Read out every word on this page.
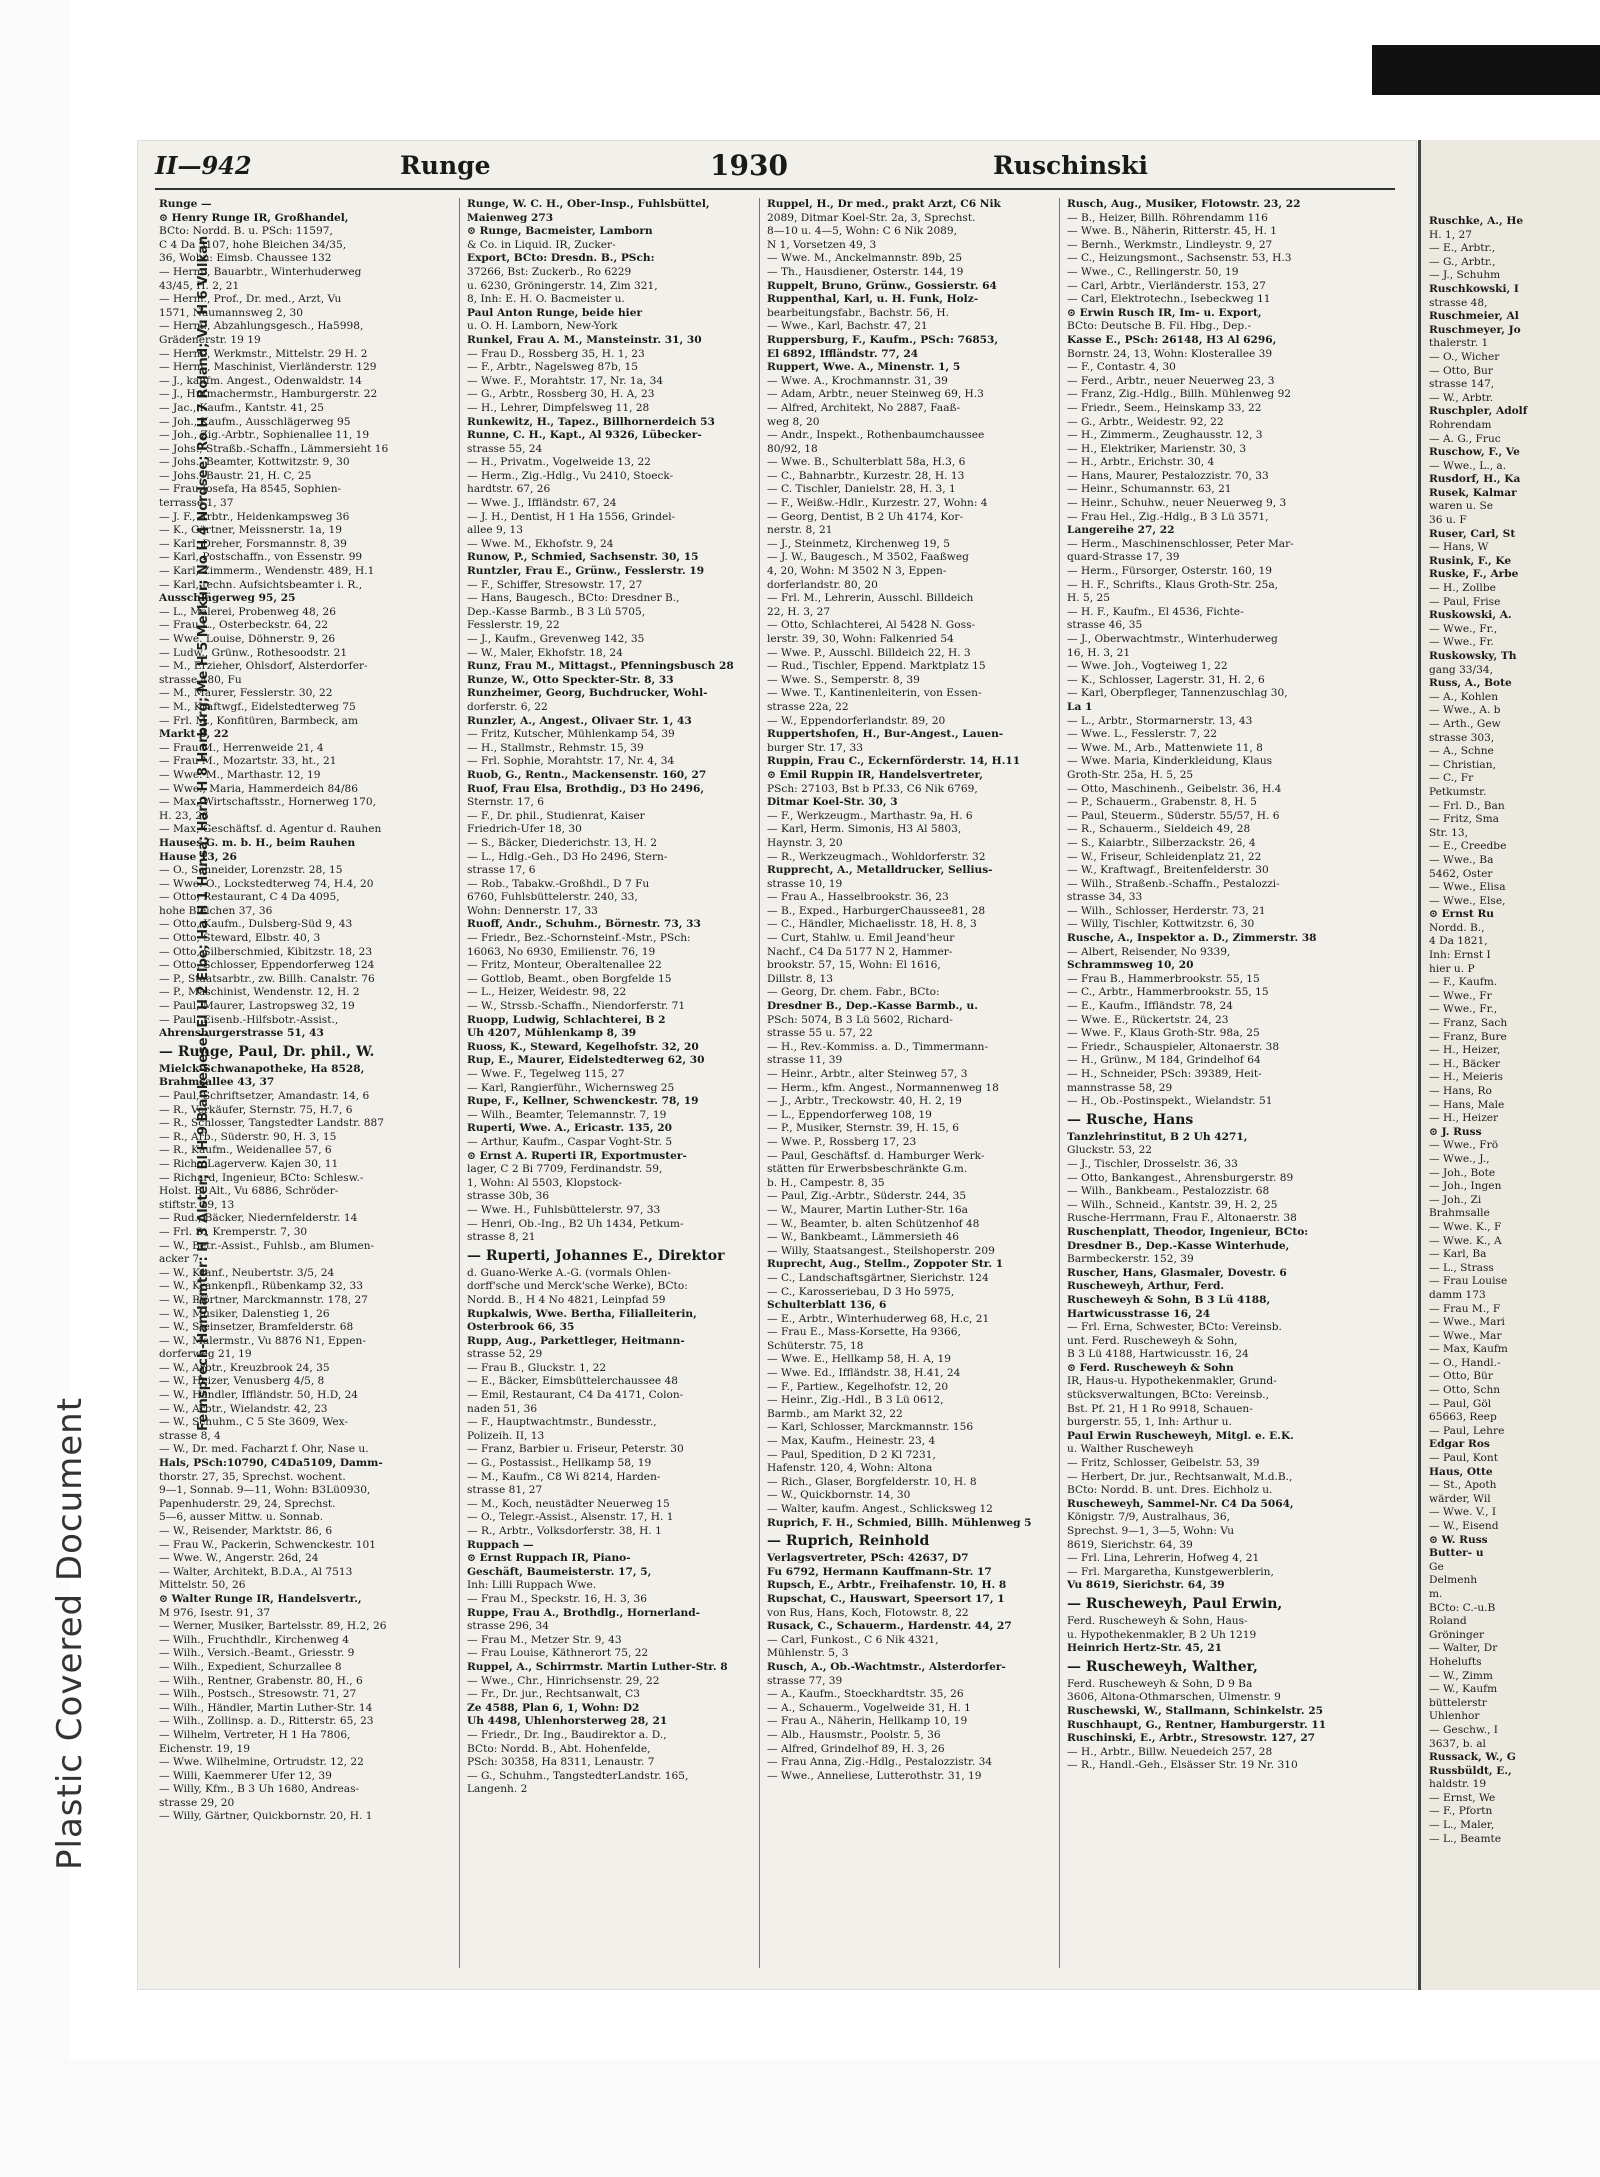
Plastic Covered Document
II—942	Runge	1930	Ruschinski
Fernsprech-Handämter: H 3 Alster; Bl H 9 Blankenese; El H 2 Elbe; Ha H 1 Hansa; Harb H 8 Harburg; Me H 5 Merkur; No H 4 Nordsee; Ro H 7 Roland; Vu H 6 Vulkan
Runge —
⊙ Henry Runge IR, Großhandel,
BCto: Nordd. B. u. PSch: 11597,
C 4 Da 3107, hohe Bleichen 34/35,
36, Wohn: Eimsb. Chaussee 132
— Herm., Bauarbtr., Winterhuderweg
43/45, H. 2, 21
— Herm., Prof., Dr. med., Arzt, Vu
1571, Naumannsweg 2, 30
— Herm., Abzahlungsgesch., Ha5998,
Grädenerstr. 19 19
— Herm., Werkmstr., Mittelstr. 29 H. 2
— Herm., Maschinist, Vierländerstr. 129
— J., kaufm. Angest., Odenwaldstr. 14
— J., Hutmachermstr., Hamburgerstr. 22
— Jac., Kaufm., Kantstr. 41, 25
— Joh., Kaufm., Ausschlägerweg 95
— Joh., Zig.-Arbtr., Sophienallee 11, 19
— Johs., Straßb.-Schaffn., Lämmersieht 16
— Johs., Beamter, Kottwitzstr. 9, 30
— Johs., Baustr. 21, H. C, 25
— Frau Josefa, Ha 8545, Sophien-
terrasse 1, 37
— J. F., Arbtr., Heidenkampsweg 36
— K., Gärtner, Meissnerstr. 1a, 19
— Karl, Dreher, Forsmannstr. 8, 39
— Karl, Postschaffn., von Essenstr. 99
— Karl, Zimmerm., Wendenstr. 489, H.1
— Karl, techn. Aufsichtsbeamter i. R.,
Ausschlägerweg 95, 25
— L., Malerei, Probenweg 48, 26
— Frau L., Osterbeckstr. 64, 22
— Wwe. Louise, Döhnerstr. 9, 26
— Ludw., Grünw., Rothesoodstr. 21
— M., Erzieher, Ohlsdorf, Alsterdorfer-
strasse 480, Fu
— M., Maurer, Fesslerstr. 30, 22
— M., Kraftwgf., Eidelstedterweg 75
— Frl. M., Konfitüren, Barmbeck, am
Markt 8, 22
— Frau M., Herrenweide 21, 4
— Frau M., Mozartstr. 33, ht., 21
— Wwe. M., Marthastr. 12, 19
— Wwe., Maria, Hammerdeich 84/86
— Max, Wirtschaftsstr., Hornerweg 170,
H. 23, 26
— Max, Geschäftsf. d. Agentur d. Rauhen
Hauses G. m. b. H., beim Rauhen
Hause 13, 26
— O., Schneider, Lorenzstr. 28, 15
— Wwe. O., Lockstedterweg 74, H.4, 20
— Otto, Restaurant, C 4 Da 4095,
hohe Bleichen 37, 36
— Otto, Kaufm., Dulsberg-Süd 9, 43
— Otto, Steward, Elbstr. 40, 3
— Otto, Silberschmied, Kibitzstr. 18, 23
— Otto, Schlosser, Eppendorferweg 124
— P., Staatsarbtr., zw. Billh. Canalstr. 76
— P., Maschinist, Wendenstr. 12, H. 2
— Paul, Maurer, Lastropsweg 32, 19
— Paul, Eisenb.-Hilfsbotr.-Assist.,
Ahrensburgerstrasse 51, 43
— Runge, Paul, Dr. phil., W.
Mielck Schwanapotheke, Ha 8528,
Brahmsallee 43, 37
— Paul, Schriftsetzer, Amandastr. 14, 6
— R., Verkäufer, Sternstr. 75, H.7, 6
— R., Schlosser, Tangstedter Landstr. 887
— R., Arb., Süderstr. 90, H. 3, 15
— R., Kaufm., Weidenallee 57, 6
— Rich., Lagerverw. Kajen 30, 11
— Richard, Ingenieur, BCto: Schlesw.-
Holst. B. Alt., Vu 6886, Schröder-
stiftstr. 19, 13
— Rud., Bäcker, Niedernfelderstr. 14
— Frl. S., Kremperstr. 7, 30
— W., Betr.-Assist., Fuhlsb., am Blumen-
acker 7
— W., Kranf., Neubertstr. 3/5, 24
— W., Krankenpfl., Rübenkamp 32, 33
— W., Pförtner, Marckmannstr. 178, 27
— W., Musiker, Dalenstieg 1, 26
— W., Steinsetzer, Bramfelderstr. 68
— W., Malermstr., Vu 8876 N1, Eppen-
dorferweg 21, 19
— W., Arbtr., Kreuzbrook 24, 35
— W., Heizer, Venusberg 4/5, 8
— W., Händler, Iffländstr. 50, H.D, 24
— W., Arbtr., Wielandstr. 42, 23
— W., Schuhm., C 5 Ste 3609, Wex-
strasse 8, 4
— W., Dr. med. Facharzt f. Ohr, Nase u.
Hals, PSch:10790, C4Da5109, Damm-
thorstr. 27, 35, Sprechst. wochent.
9—1, Sonnab. 9—11, Wohn: B3Lü0930,
Papenhuderstr. 29, 24, Sprechst.
5—6, ausser Mittw. u. Sonnab.
— W., Reisender, Marktstr. 86, 6
— Frau W., Packerin, Schwenckestr. 101
— Wwe. W., Angerstr. 26d, 24
— Walter, Architekt, B.D.A., Al 7513
Mittelstr. 50, 26
⊙ Walter Runge IR, Handelsvertr.,
M 976, Isestr. 91, 37
— Werner, Musiker, Bartelsstr. 89, H.2, 26
— Wilh., Fruchthdlr., Kirchenweg 4
— Wilh., Versich.-Beamt., Griesstr. 9
— Wilh., Expedient, Schurzallee 8
— Wilh., Rentner, Grabenstr. 80, H., 6
— Wilh., Postsch., Stresowstr. 71, 27
— Wilh., Händler, Martin Luther-Str. 14
— Wilh., Zollinsp. a. D., Ritterstr. 65, 23
— Wilhelm, Vertreter, H 1 Ha 7806,
Eichenstr. 19, 19
— Wwe. Wilhelmine, Ortrudstr. 12, 22
— Willi, Kaemmerer Ufer 12, 39
— Willy, Kfm., B 3 Uh 1680, Andreas-
strasse 29, 20
— Willy, Gärtner, Quickbornstr. 20, H. 1
Runge, W. C. H., Ober-Insp., Fuhlsbüttel,
Maienweg 273
⊙ Runge, Bacmeister, Lamborn
& Co. in Liquid. IR, Zucker-
Export, BCto: Dresdn. B., PSch:
37266, Bst: Zuckerb., Ro 6229
u. 6230, Gröningerstr. 14, Zim 321,
8, Inh: E. H. O. Bacmeister u.
Paul Anton Runge, beide hier
u. O. H. Lamborn, New-York
Runkel, Frau A. M., Mansteinstr. 31, 30
— Frau D., Rossberg 35, H. 1, 23
— F., Arbtr., Nagelsweg 87b, 15
— Wwe. F., Morahtstr. 17, Nr. 1a, 34
— G., Arbtr., Rossberg 30, H. A, 23
— H., Lehrer, Dimpfelsweg 11, 28
Runkewitz, H., Tapez., Billhornerdeich 53
Runne, C. H., Kapt., Al 9326, Lübecker-
strasse 55, 24
— H., Privatm., Vogelweide 13, 22
— Herm., Zig.-Hdlg., Vu 2410, Stoeck-
hardtstr. 67, 26
— Wwe. J., Iffländstr. 67, 24
— J. H., Dentist, H 1 Ha 1556, Grindel-
allee 9, 13
— Wwe. M., Ekhofstr. 9, 24
Runow, P., Schmied, Sachsenstr. 30, 15
Runtzler, Frau E., Grünw., Fesslerstr. 19
— F., Schiffer, Stresowstr. 17, 27
— Hans, Baugesch., BCto: Dresdner B.,
Dep.-Kasse Barmb., B 3 Lü 5705,
Fesslerstr. 19, 22
— J., Kaufm., Grevenweg 142, 35
— W., Maler, Ekhofstr. 18, 24
Runz, Frau M., Mittagst., Pfenningsbusch 28
Runze, W., Otto Speckter-Str. 8, 33
Runzheimer, Georg, Buchdrucker, Wohl-
dorferstr. 6, 22
Runzler, A., Angest., Olivaer Str. 1, 43
— Fritz, Kutscher, Mühlenkamp 54, 39
— H., Stallmstr., Rehmstr. 15, 39
— Frl. Sophie, Morahtstr. 17, Nr. 4, 34
Ruob, G., Rentn., Mackensenstr. 160, 27
Ruof, Frau Elsa, Brothdig., D3 Ho 2496,
Sternstr. 17, 6
— F., Dr. phil., Studienrat, Kaiser
Friedrich-Ufer 18, 30
— S., Bäcker, Diederichstr. 13, H. 2
— L., Hdlg.-Geh., D3 Ho 2496, Stern-
strasse 17, 6
— Rob., Tabakw.-Großhdl., D 7 Fu
6760, Fuhlsbüttelerstr. 240, 33,
Wohn: Dennerstr. 17, 33
Ruoff, Andr., Schuhm., Börnestr. 73, 33
— Friedr., Bez.-Schornsteinf.-Mstr., PSch:
16063, No 6930, Emilienstr. 76, 19
— Fritz, Monteur, Oberaltenallee 22
— Gottlob, Beamt., oben Borgfelde 15
— L., Heizer, Weidestr. 98, 22
— W., Strssb.-Schaffn., Niendorferstr. 71
Ruopp, Ludwig, Schlachterei, B 2
Uh 4207, Mühlenkamp 8, 39
Ruoss, K., Steward, Kegelhofstr. 32, 20
Rup, E., Maurer, Eidelstedterweg 62, 30
— Wwe. F., Tegelweg 115, 27
— Karl, Rangierführ., Wichernsweg 25
Rupe, F., Kellner, Schwenckestr. 78, 19
— Wilh., Beamter, Telemannstr. 7, 19
Ruperti, Wwe. A., Ericastr. 135, 20
— Arthur, Kaufm., Caspar Voght-Str. 5
⊙ Ernst A. Ruperti IR, Exportmuster-
lager, C 2 Bi 7709, Ferdinandstr. 59,
1, Wohn: Al 5503, Klopstock-
strasse 30b, 36
— Wwe. H., Fuhlsbüttelerstr. 97, 33
— Henri, Ob.-Ing., B2 Uh 1434, Petkum-
strasse 8, 21
— Ruperti, Johannes E., Direktor
d. Guano-Werke A.-G. (vormals Ohlen-
dorff'sche und Merck'sche Werke), BCto:
Nordd. B., H 4 No 4821, Leinpfad 59
Rupkalwis, Wwe. Bertha, Filialleiterin,
Osterbrook 66, 35
Rupp, Aug., Parkettleger, Heitmann-
strasse 52, 29
— Frau B., Gluckstr. 1, 22
— E., Bäcker, Eimsbüttelerchaussee 48
— Emil, Restaurant, C4 Da 4171, Colon-
naden 51, 36
— F., Hauptwachtmstr., Bundesstr.,
Polizeih. II, 13
— Franz, Barbier u. Friseur, Peterstr. 30
— G., Postassist., Hellkamp 58, 19
— M., Kaufm., C8 Wi 8214, Harden-
strasse 81, 27
— M., Koch, neustädter Neuerweg 15
— O., Telegr.-Assist., Alsenstr. 17, H. 1
— R., Arbtr., Volksdorferstr. 38, H. 1
Ruppach —
⊙ Ernst Ruppach IR, Piano-
Geschäft, Baumeisterstr. 17, 5,
Inh: Lilli Ruppach Wwe.
— Frau M., Speckstr. 16, H. 3, 36
Ruppe, Frau A., Brothdlg., Hornerland-
strasse 296, 34
— Frau M., Metzer Str. 9, 43
— Frau Louise, Käthnerort 75, 22
Ruppel, A., Schirrmstr. Martin Luther-Str. 8
— Wwe., Chr., Hinrichsenstr. 29, 22
— Fr., Dr. jur., Rechtsanwalt, C3
Ze 4588, Plan 6, 1, Wohn: D2
Uh 4498, Uhlenhorsterweg 28, 21
— Friedr., Dr. Ing., Baudirektor a. D.,
BCto: Nordd. B., Abt. Hohenfelde,
PSch: 30358, Ha 8311, Lenaustr. 7
— G., Schuhm., TangstedterLandstr. 165,
Langenh. 2
Ruppel, H., Dr med., prakt Arzt, C6 Nik
2089, Ditmar Koel-Str. 2a, 3, Sprechst.
8—10 u. 4—5, Wohn: C 6 Nik 2089,
N 1, Vorsetzen 49, 3
— Wwe. M., Anckelmannstr. 89b, 25
— Th., Hausdiener, Osterstr. 144, 19
Ruppelt, Bruno, Grünw., Gossierstr. 64
Ruppenthal, Karl, u. H. Funk, Holz-
bearbeitungsfabr., Bachstr. 56, H.
— Wwe., Karl, Bachstr. 47, 21
Ruppersburg, F., Kaufm., PSch: 76853,
El 6892, Iffländstr. 77, 24
Ruppert, Wwe. A., Minenstr. 1, 5
— Wwe. A., Krochmannstr. 31, 39
— Adam, Arbtr., neuer Steinweg 69, H.3
— Alfred, Architekt, No 2887, Faaß-
weg 8, 20
— Andr., Inspekt., Rothenbaumchaussee
80/92, 18
— Wwe. B., Schulterblatt 58a, H.3, 6
— C., Bahnarbtr., Kurzestr. 28, H. 13
— C. Tischler, Danielstr. 28, H. 3, 1
— F., Weißw.-Hdlr., Kurzestr. 27, Wohn: 4
— Georg, Dentist, B 2 Uh 4174, Kor-
nerstr. 8, 21
— J., Steinmetz, Kirchenweg 19, 5
— J. W., Baugesch., M 3502, Faaßweg
4, 20, Wohn: M 3502 N 3, Eppen-
dorferlandstr. 80, 20
— Frl. M., Lehrerin, Ausschl. Billdeich
22, H. 3, 27
— Otto, Schlachterei, Al 5428 N. Goss-
lerstr. 39, 30, Wohn: Falkenried 54
— Wwe. P., Ausschl. Billdeich 22, H. 3
— Rud., Tischler, Eppend. Marktplatz 15
— Wwe. S., Semperstr. 8, 39
— Wwe. T., Kantinenleiterin, von Essen-
strasse 22a, 22
— W., Eppendorferlandstr. 89, 20
Ruppertshofen, H., Bur-Angest., Lauen-
burger Str. 17, 33
Ruppin, Frau C., Eckernförderstr. 14, H.11
⊙ Emil Ruppin IR, Handelsvertreter,
PSch: 27103, Bst b Pf.33, C6 Nik 6769,
Ditmar Koel-Str. 30, 3
— F., Werkzeugm., Marthastr. 9a, H. 6
— Karl, Herm. Simonis, H3 Al 5803,
Haynstr. 3, 20
— R., Werkzeugmach., Wohldorferstr. 32
Rupprecht, A., Metalldrucker, Sellius-
strasse 10, 19
— Frau A., Hasselbrookstr. 36, 23
— B., Exped., HarburgerChaussee81, 28
— C., Händler, Michaelisstr. 18, H. 8, 3
— Curt, Stahlw. u. Emil Jeand'heur
Nachf., C4 Da 5177 N 2, Hammer-
brookstr. 57, 15, Wohn: El 1616,
Dillstr. 8, 13
— Georg, Dr. chem. Fabr., BCto:
Dresdner B., Dep.-Kasse Barmb., u.
PSch: 5074, B 3 Lü 5602, Richard-
strasse 55 u. 57, 22
— H., Rev.-Kommiss. a. D., Timmermann-
strasse 11, 39
— Heinr., Arbtr., alter Steinweg 57, 3
— Herm., kfm. Angest., Normannenweg 18
— J., Arbtr., Treckowstr. 40, H. 2, 19
— L., Eppendorferweg 108, 19
— P., Musiker, Sternstr. 39, H. 15, 6
— Wwe. P., Rossberg 17, 23
— Paul, Geschäftsf. d. Hamburger Werk-
stätten für Erwerbsbeschränkte G.m.
b. H., Campestr. 8, 35
— Paul, Zig.-Arbtr., Süderstr. 244, 35
— W., Maurer, Martin Luther-Str. 16a
— W., Beamter, b. alten Schützenhof 48
— W., Bankbeamt., Lämmersieth 46
— Willy, Staatsangest., Steilshoperstr. 209
Ruprecht, Aug., Stellm., Zoppoter Str. 1
— C., Landschaftsgärtner, Sierichstr. 124
— C., Karosseriebau, D 3 Ho 5975,
Schulterblatt 136, 6
— E., Arbtr., Winterhuderweg 68, H.c, 21
— Frau E., Mass-Korsette, Ha 9366,
Schüterstr. 75, 18
— Wwe. E., Hellkamp 58, H. A, 19
— Wwe. Ed., Iffländstr. 38, H.41, 24
— F., Partiew., Kegelhofstr. 12, 20
— Heinr., Zig.-Hdl., B 3 Lü 0612,
Barmb., am Markt 32, 22
— Karl, Schlosser, Marckmannstr. 156
— Max, Kaufm., Heinestr. 23, 4
— Paul, Spedition, D 2 Kl 7231,
Hafenstr. 120, 4, Wohn: Altona
— Rich., Glaser, Borgfelderstr. 10, H. 8
— W., Quickbornstr. 14, 30
— Walter, kaufm. Angest., Schlicksweg 12
Ruprich, F. H., Schmied, Billh. Mühlenweg 5
— Ruprich, Reinhold
Verlagsvertreter, PSch: 42637, D7
Fu 6792, Hermann Kauffmann-Str. 17
Rupsch, E., Arbtr., Freihafenstr. 10, H. 8
Rupschat, C., Hauswart, Speersort 17, 1
von Rus, Hans, Koch, Flotowstr. 8, 22
Rusack, C., Schauerm., Hardenstr. 44, 27
— Carl, Funkost., C 6 Nik 4321,
Mühlenstr. 5, 3
Rusch, A., Ob.-Wachtmstr., Alsterdorfer-
strasse 77, 39
— A., Kaufm., Stoeckhardtstr. 35, 26
— A., Schauerm., Vogelweide 31, H. 1
— Frau A., Näherin, Hellkamp 10, 19
— Alb., Hausmstr., Poolstr. 5, 36
— Alfred, Grindelhof 89, H. 3, 26
— Frau Anna, Zig.-Hdlg., Pestalozzistr. 34
— Wwe., Anneliese, Lutterothstr. 31, 19
Rusch, Aug., Musiker, Flotowstr. 23, 22
— B., Heizer, Billh. Röhrendamm 116
— Wwe. B., Näherin, Ritterstr. 45, H. 1
— Bernh., Werkmstr., Lindleystr. 9, 27
— C., Heizungsmont., Sachsenstr. 53, H.3
— Wwe., C., Rellingerstr. 50, 19
— Carl, Arbtr., Vierländerstr. 153, 27
— Carl, Elektrotechn., Isebeckweg 11
⊙ Erwin Rusch IR, Im- u. Export,
BCto: Deutsche B. Fil. Hbg., Dep.-
Kasse E., PSch: 26148, H3 Al 6296,
Bornstr. 24, 13, Wohn: Klosterallee 39
— F., Contastr. 4, 30
— Ferd., Arbtr., neuer Neuerweg 23, 3
— Franz, Zig.-Hdlg., Billh. Mühlenweg 92
— Friedr., Seem., Heinskamp 33, 22
— G., Arbtr., Weidestr. 92, 22
— H., Zimmerm., Zeughausstr. 12, 3
— H., Elektriker, Marienstr. 30, 3
— H., Arbtr., Erichstr. 30, 4
— Hans, Maurer, Pestalozzistr. 70, 33
— Heinr., Schumannstr. 63, 21
— Heinr., Schuhw., neuer Neuerweg 9, 3
— Frau Hel., Zig.-Hdlg., B 3 Lü 3571,
Langereihe 27, 22
— Herm., Maschinenschlosser, Peter Mar-
quard-Strasse 17, 39
— Herm., Fürsorger, Osterstr. 160, 19
— H. F., Schrifts., Klaus Groth-Str. 25a,
H. 5, 25
— H. F., Kaufm., El 4536, Fichte-
strasse 46, 35
— J., Oberwachtmstr., Winterhuderweg
16, H. 3, 21
— Wwe. Joh., Vogteiweg 1, 22
— K., Schlosser, Lagerstr. 31, H. 2, 6
— Karl, Oberpfleger, Tannenzuschlag 30,
La 1
— L., Arbtr., Stormarnerstr. 13, 43
— Wwe. L., Fesslerstr. 7, 22
— Wwe. M., Arb., Mattenwiete 11, 8
— Wwe. Maria, Kinderkleidung, Klaus
Groth-Str. 25a, H. 5, 25
— Otto, Maschinenh., Geibelstr. 36, H.4
— P., Schauerm., Grabenstr. 8, H. 5
— Paul, Steuerm., Süderstr. 55/57, H. 6
— R., Schauerm., Sieldeich 49, 28
— S., Kaiarbtr., Silberzackstr. 26, 4
— W., Friseur, Schleidenplatz 21, 22
— W., Kraftwagf., Breitenfelderstr. 30
— Wilh., Straßenb.-Schaffn., Pestalozzi-
strasse 34, 33
— Wilh., Schlosser, Herderstr. 73, 21
— Willy, Tischler, Kottwitzstr. 6, 30
Rusche, A., Inspektor a. D., Zimmerstr. 38
— Albert, Reisender, No 9339,
Schrammsweg 10, 20
— Frau B., Hammerbrookstr. 55, 15
— C., Arbtr., Hammerbrookstr. 55, 15
— E., Kaufm., Iffländstr. 78, 24
— Wwe. E., Rückertstr. 24, 23
— Wwe. F., Klaus Groth-Str. 98a, 25
— Friedr., Schauspieler, Altonaerstr. 38
— H., Grünw., M 184, Grindelhof 64
— H., Schneider, PSch: 39389, Heit-
mannstrasse 58, 29
— H., Ob.-Postinspekt., Wielandstr. 51
— Rusche, Hans
Tanzlehrinstitut, B 2 Uh 4271,
Gluckstr. 53, 22
— J., Tischler, Drosselstr. 36, 33
— Otto, Bankangest., Ahrensburgerstr. 89
— Wilh., Bankbeam., Pestalozzistr. 68
— Wilh., Schneid., Kantstr. 39, H. 2, 25
Rusche-Herrmann, Frau F., Altonaerstr. 38
Ruschenplatt, Theodor, Ingenieur, BCto:
Dresdner B., Dep.-Kasse Winterhude,
Barmbeckerstr. 152, 39
Ruscher, Hans, Glasmaler, Dovestr. 6
Ruscheweyh, Arthur, Ferd.
Ruscheweyh & Sohn, B 3 Lü 4188,
Hartwicusstrasse 16, 24
— Frl. Erna, Schwester, BCto: Vereinsb.
unt. Ferd. Ruscheweyh & Sohn,
B 3 Lü 4188, Hartwicusstr. 16, 24
⊙ Ferd. Ruscheweyh & Sohn
IR, Haus-u. Hypothekenmakler, Grund-
stücksverwaltungen, BCto: Vereinsb.,
Bst. Pf. 21, H 1 Ro 9918, Schauen-
burgerstr. 55, 1, Inh: Arthur u.
Paul Erwin Ruscheweyh, Mitgl. e. E.K.
u. Walther Ruscheweyh
— Fritz, Schlosser, Geibelstr. 53, 39
— Herbert, Dr. jur., Rechtsanwalt, M.d.B.,
BCto: Nordd. B. unt. Dres. Eichholz u.
Ruscheweyh, Sammel-Nr. C4 Da 5064,
Königstr. 7/9, Australhaus, 36,
Sprechst. 9—1, 3—5, Wohn: Vu
8619, Sierichstr. 64, 39
— Frl. Lina, Lehrerin, Hofweg 4, 21
— Frl. Margaretha, Kunstgewerblerin,
Vu 8619, Sierichstr. 64, 39
— Ruscheweyh, Paul Erwin,
Ferd. Ruscheweyh & Sohn, Haus-
u. Hypothekenmakler, B 2 Uh 1219
Heinrich Hertz-Str. 45, 21
— Ruscheweyh, Walther,
Ferd. Ruscheweyh & Sohn, D 9 Ba
3606, Altona-Othmarschen, Ulmenstr. 9
Ruschewski, W., Stallmann, Schinkelstr. 25
Ruschhaupt, G., Rentner, Hamburgerstr. 11
Ruschinski, E., Arbtr., Stresowstr. 127, 27
— H., Arbtr., Billw. Neuedeich 257, 28
— R., Handl.-Geh., Elsässer Str. 19 Nr. 310
Ruschke, A., He
H. 1, 27
— E., Arbtr.,
— G., Arbtr.,
— J., Schuhm
Ruschkowski, I
strasse 48,
Ruschmeier, Al
Ruschmeyer, Jo
thalerstr. 1
— O., Wicher
— Otto, Bur
strasse 147,
— W., Arbtr.
Ruschpler, Adolf
Rohrendam
— A. G., Fruc
Ruschow, F., Ve
— Wwe., L., a.
Rusdorf, H., Ka
Rusek, Kalmar
waren u. Se
36 u. F
Ruser, Carl, St
— Hans, W
Rusink, F., Ke
Ruske, F., Arbe
— H., Zollbe
— Paul, Frise
Ruskowski, A.
— Wwe., Fr.,
— Wwe., Fr.
Ruskowsky, Th
gang 33/34,
Russ, A., Bote
— A., Kohlen
— Wwe., A. b
— Arth., Gew
strasse 303,
— A., Schne
— Christian,
— C., Fr
Petkumstr.
— Frl. D., Ban
— Fritz, Sma
Str. 13,
— E., Creedbe
— Wwe., Ba
5462, Oster
— Wwe., Elisa
— Wwe., Else,
⊙ Ernst Ru
Nordd. B.,
4 Da 1821,
Inh: Ernst I
hier u. P
— F., Kaufm.
— Wwe., Fr
— Wwe., Fr.,
— Franz, Sach
— Franz, Bure
— H., Heizer,
— H., Bäcker
— H., Meieris
— Hans, Ro
— Hans, Male
— H., Heizer
⊙ J. Russ
— Wwe., Frö
— Wwe., J.,
— Joh., Bote
— Joh., Ingen
— Joh., Zi
Brahmsalle
— Wwe. K., F
— Wwe. K., A
— Karl, Ba
— L., Strass
— Frau Louise
damm 173
— Frau M., F
— Wwe., Mari
— Wwe., Mar
— Max, Kaufm
— O., Handl.-
— Otto, Bür
— Otto, Schn
— Paul, Göl
65663, Reep
— Paul, Lehre
Edgar Ros
— Paul, Kont
Haus, Otte
— St., Apoth
wärder, Wil
— Wwe. V., I
— W., Eisend
⊙ W. Russ
Butter- u
Ge
Delmenh
m.
BCto: C.-u.B
Roland
Gröninger
— Walter, Dr
Hohelufts
— W., Zimm
— W., Kaufm
büttelerstr
Uhlenhor
— Geschw., I
3637, b. al
Russack, W., G
Russbüldt, E.,
haldstr. 19
— Ernst, We
— F., Pfortn
— L., Maler,
— L., Beamte
